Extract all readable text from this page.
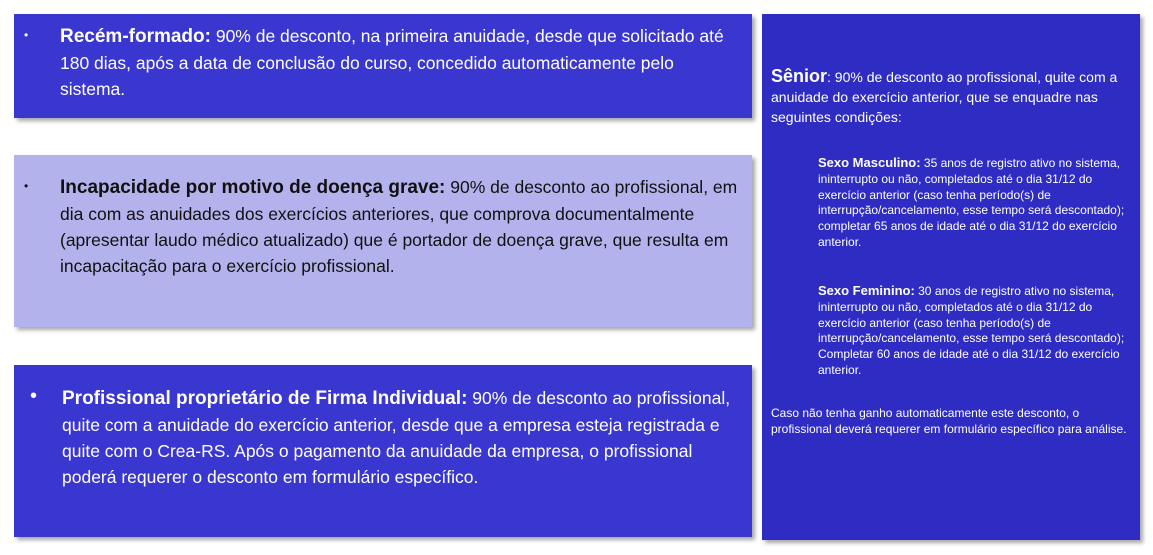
• Recém-formado: 90% de desconto, na primeira anuidade, desde que solicitado até 180 dias, após a data de conclusão do curso, concedido automaticamente pelo sistema.
• Incapacidade por motivo de doença grave: 90% de desconto ao profissional, em dia com as anuidades dos exercícios anteriores, que comprova documentalmente (apresentar laudo médico atualizado) que é portador de doença grave, que resulta em incapacitação para o exercício profissional.
• Profissional proprietário de Firma Individual: 90% de desconto ao profissional, quite com a anuidade do exercício anterior, desde que a empresa esteja registrada e quite com o Crea-RS. Após o pagamento da anuidade da empresa, o profissional poderá requerer o desconto em formulário específico.
Sênior: 90% de desconto ao profissional, quite com a anuidade do exercício anterior, que se enquadre nas seguintes condições:
Sexo Masculino: 35 anos de registro ativo no sistema, ininterrupto ou não, completados até o dia 31/12 do exercício anterior (caso tenha período(s) de interrupção/cancelamento, esse tempo será descontado); completar 65 anos de idade até o dia 31/12 do exercício anterior.
Sexo Feminino: 30 anos de registro ativo no sistema, ininterrupto ou não, completados até o dia 31/12 do exercício anterior (caso tenha período(s) de interrupção/cancelamento, esse tempo será descontado); Completar 60 anos de idade até o dia 31/12 do exercício anterior.
Caso não tenha ganho automaticamente este desconto, o profissional deverá requerer em formulário específico para análise.
